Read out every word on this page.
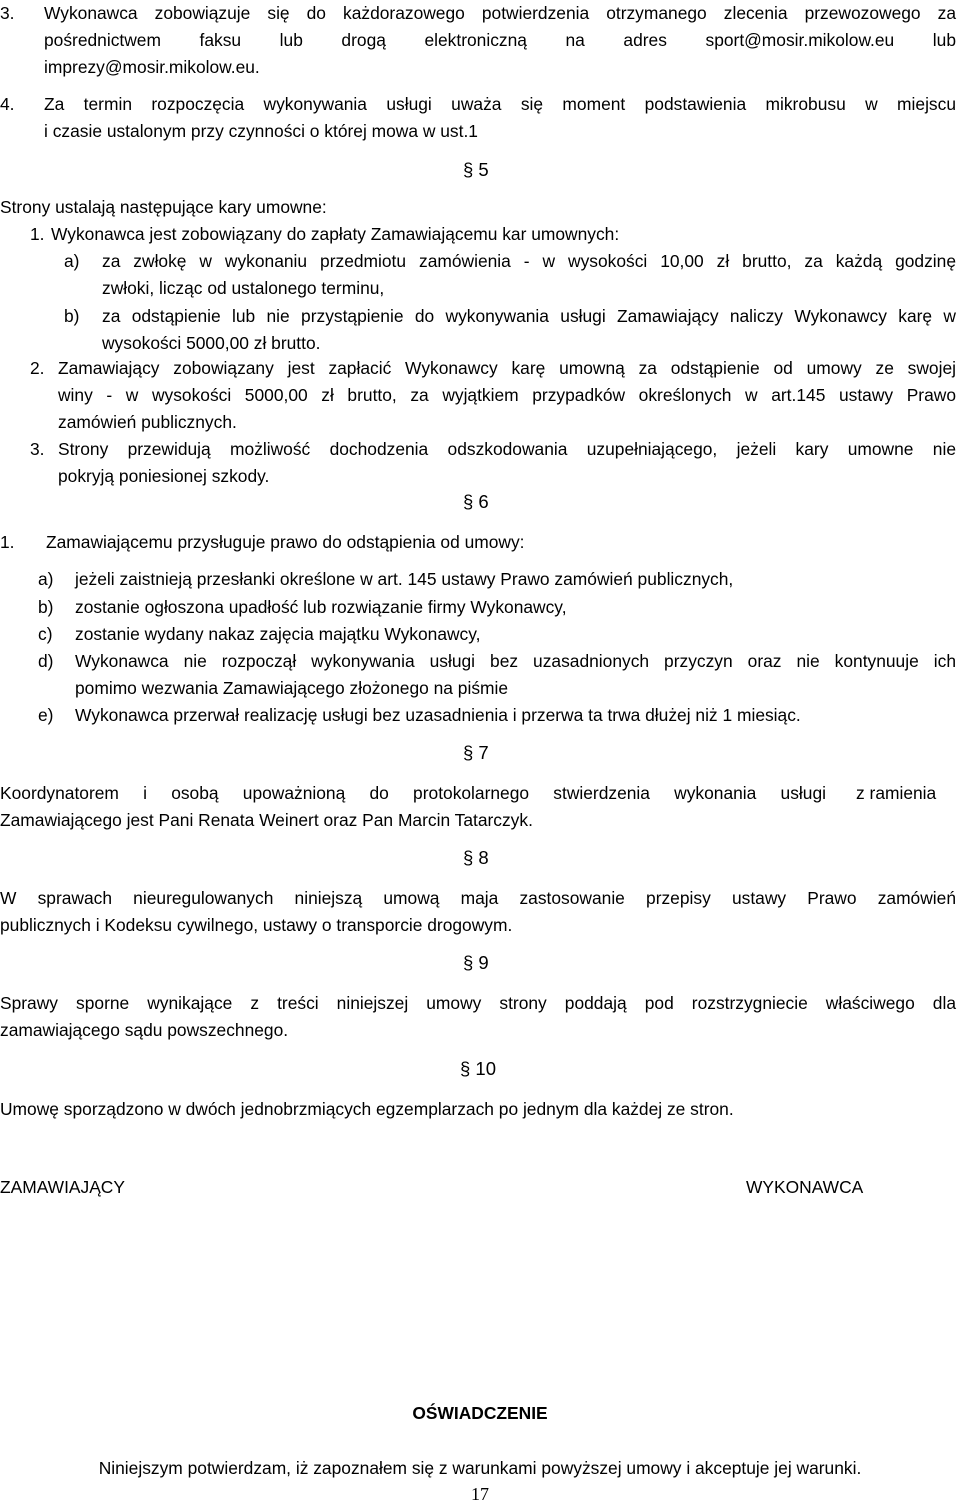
3. Wykonawca zobowiązuje się do każdorazowego potwierdzenia otrzymanego zlecenia przewozowego za
pośrednictwem faksu lub drogą elektroniczną na adres sport@mosir.mikolow.eu lub
imprezy@mosir.mikolow.eu.
4. Za termin rozpoczęcia wykonywania usługi uważa się moment podstawienia mikrobusu w miejscu
i czasie ustalonym przy czynności o której mowa w ust.1
§ 5
Strony ustalają następujące kary umowne:
1. Wykonawca jest zobowiązany do zapłaty Zamawiającemu kar umownych:
a) za zwłokę w wykonaniu przedmiotu zamówienia - w wysokości 10,00 zł brutto, za każdą godzinę
zwłoki, licząc od ustalonego terminu,
b) za odstąpienie lub nie przystąpienie do wykonywania usługi Zamawiający naliczy Wykonawcy karę w
wysokości 5000,00 zł brutto.
2. Zamawiający zobowiązany jest zapłacić Wykonawcy karę umowną za odstąpienie od umowy ze swojej
winy - w wysokości 5000,00 zł brutto, za wyjątkiem przypadków określonych w art.145 ustawy Prawo
zamówień publicznych.
3. Strony przewidują możliwość dochodzenia odszkodowania uzupełniającego, jeżeli kary umowne nie
pokryją poniesionej szkody.
§ 6
1. Zamawiającemu przysługuje prawo do odstąpienia od umowy:
a) jeżeli zaistnieją przesłanki określone w art. 145 ustawy Prawo zamówień publicznych,
b) zostanie ogłoszona upadłość lub rozwiązanie firmy Wykonawcy,
c) zostanie wydany nakaz zajęcia majątku Wykonawcy,
d) Wykonawca nie rozpoczął wykonywania usługi bez uzasadnionych przyczyn oraz nie kontynuuje ich
pomimo wezwania Zamawiającego złożonego na piśmie
e) Wykonawca przerwał realizację usługi bez uzasadnienia i przerwa ta trwa dłużej niż 1 miesiąc.
§ 7
Koordynatorem i osobą upoważnioną do protokolarnego stwierdzenia wykonania usługi z ramienia
Zamawiającego jest Pani Renata Weinert oraz Pan Marcin Tatarczyk.
§ 8
W sprawach nieuregulowanych niniejszą umową maja zastosowanie przepisy ustawy Prawo zamówień
publicznych i Kodeksu cywilnego, ustawy o transporcie drogowym.
§ 9
Sprawy sporne wynikające z treści niniejszej umowy strony poddają pod rozstrzygniecie właściwego dla
zamawiającego sądu powszechnego.
§ 10
Umowę sporządzono w dwóch jednobrzmiących egzemplarzach po jednym dla każdej ze stron.
ZAMAWIAJĄCY	WYKONAWCA
OŚWIADCZENIE
Niniejszym potwierdzam, iż zapoznałem się z warunkami powyższej umowy i akceptuje jej warunki.
17
